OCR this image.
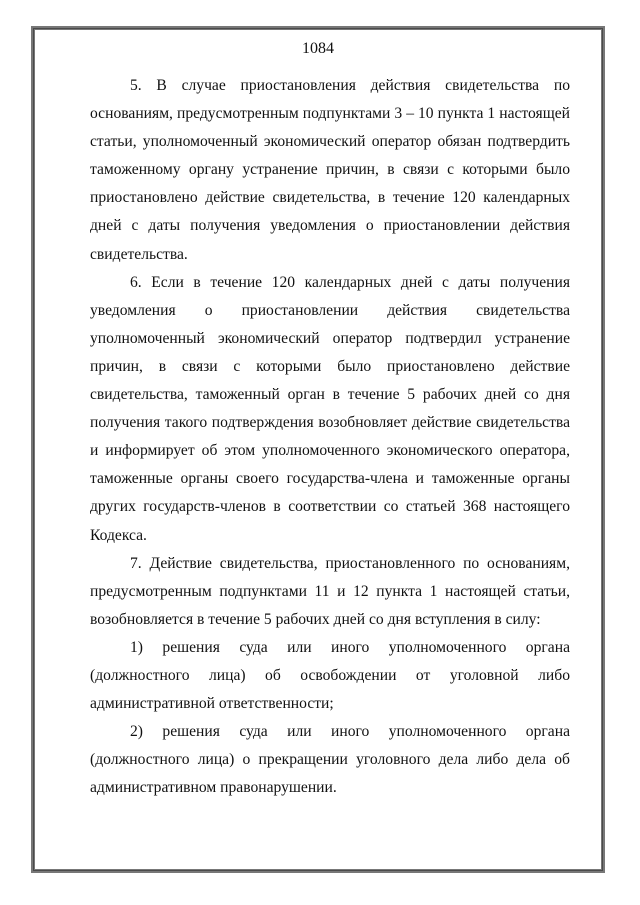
1084

5. В случае приостановления действия свидетельства по основаниям, предусмотренным подпунктами 3 – 10 пункта 1 настоящей статьи, уполномоченный экономический оператор обязан подтвердить таможенному органу устранение причин, в связи с которыми было приостановлено действие свидетельства, в течение 120 календарных дней с даты получения уведомления о приостановлении действия свидетельства.

6. Если в течение 120 календарных дней с даты получения уведомления о приостановлении действия свидетельства уполномоченный экономический оператор подтвердил устранение причин, в связи с которыми было приостановлено действие свидетельства, таможенный орган в течение 5 рабочих дней со дня получения такого подтверждения возобновляет действие свидетельства и информирует об этом уполномоченного экономического оператора, таможенные органы своего государства-члена и таможенные органы других государств-членов в соответствии со статьей 368 настоящего Кодекса.

7. Действие свидетельства, приостановленного по основаниям, предусмотренным подпунктами 11 и 12 пункта 1 настоящей статьи, возобновляется в течение 5 рабочих дней со дня вступления в силу:

1) решения суда или иного уполномоченного органа (должностного лица) об освобождении от уголовной либо административной ответственности;

2) решения суда или иного уполномоченного органа (должностного лица) о прекращении уголовного дела либо дела об административном правонарушении.
